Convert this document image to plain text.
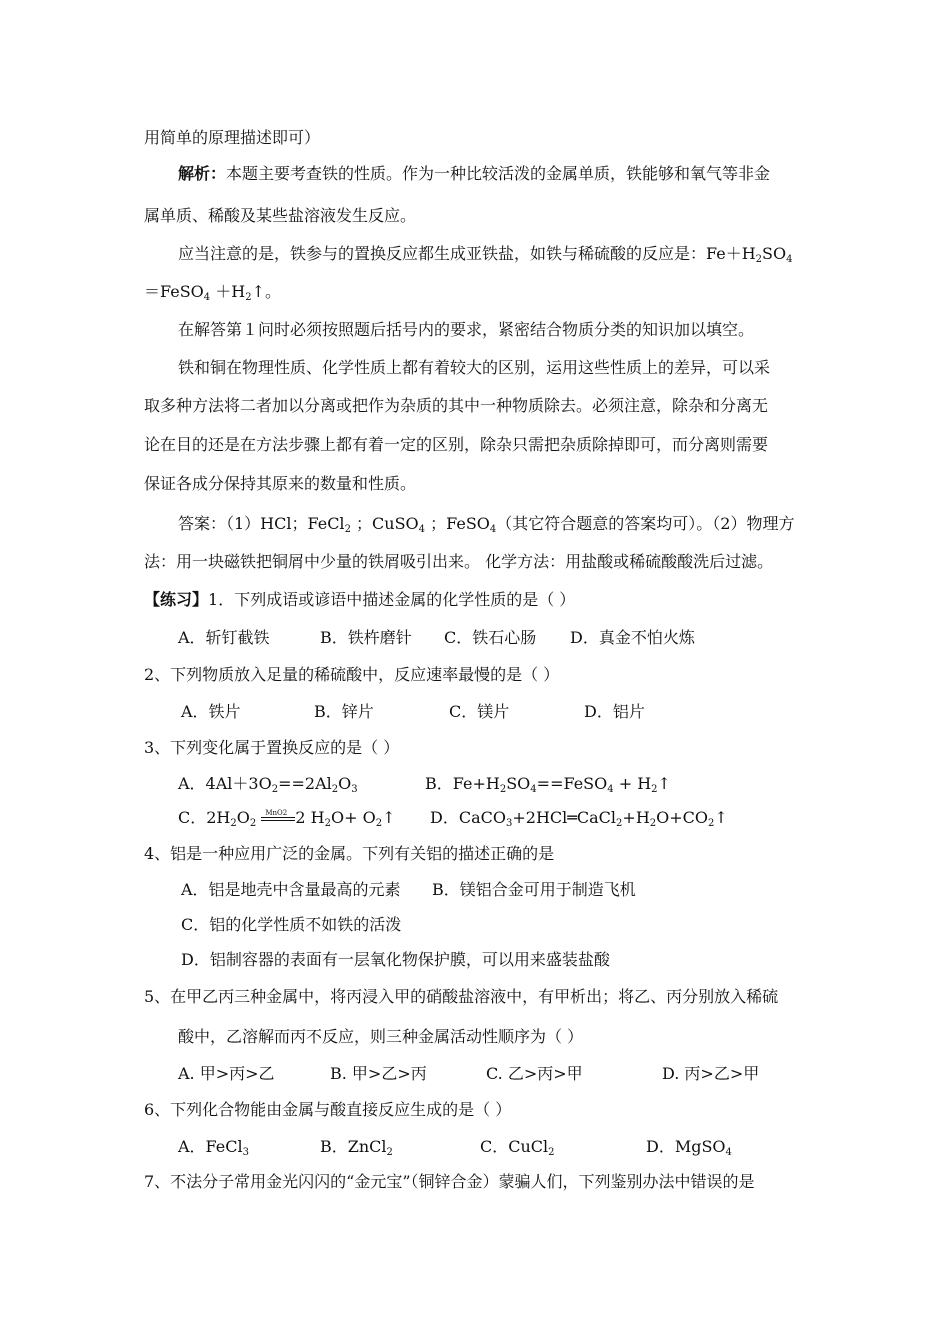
用简单的原理描述即可）
解析：本题主要考查铁的性质。作为一种比较活泼的金属单质，铁能够和氧气等非金
属单质、稀酸及某些盐溶液发生反应。
应当注意的是，铁参与的置换反应都生成亚铁盐，如铁与稀硫酸的反应是：$Fe+H_2SO_4$
＝FeSO$_4$ $+H_2↑$。
在解答第１问时必须按照题后括号内的要求，紧密结合物质分类的知识加以填空。
铁和铜在物理性质、化学性质上都有着较大的区别，运用这些性质上的差异，可以采
取多种方法将二者加以分离或把作为杂质的其中一种物质除去。必须注意，除杂和分离无
论在目的还是在方法步骤上都有着一定的区别，除杂只需把杂质除掉即可，而分离则需要
保证各成分保持其原来的数量和性质。
答案：（1）HCl；FeCl$_2$ ；CuSO$_4$ ；FeSO$_4$（其它符合题意的答案均可）。（2）物理方
法：用一块磁铁把铜屑中少量的铁屑吸引出来。 化学方法：用盐酸或稀硫酸酸洗后过滤。
【练习】1．下列成语或谚语中描述金属的化学性质的是（ ）
A．斩钉截铁	B．铁杵磨针 C．铁石心肠 D．真金不怕火炼
2、下列物质放入足量的稀硫酸中，反应速率最慢的是（ ）
A．铁片	B．锌片	C．镁片	D．铝片
3、下列变化属于置换反应的是（ ）
A．$4Al+3O_2==2Al_2O3$	B．$Fe+H_2SO_4==FeSO_4$ + $H_2↑$
C．$2H_2O_2$
MnO2 2 $H_2O+$ $O_2↑$ D．$CaCO_3+2HCl═CaCl_2+H_2O+CO_2↑$
4、铝是一种应用广泛的金属。下列有关铝的描述正确的是
A．铝是地壳中含量最高的元素 B．镁铝合金可用于制造飞机
C．铝的化学性质不如铁的活泼
D．铝制容器的表面有一层氧化物保护膜，可以用来盛装盐酸
5、在甲乙丙三种金属中，将丙浸入甲的硝酸盐溶液中，有甲析出；将乙、丙分别放入稀硫
酸中，乙溶解而丙不反应，则三种金属活动性顺序为（ ）
A. 甲>丙>乙	B. 甲>乙>丙	C. 乙>丙>甲	D. 丙>乙>甲
6、下列化合物能由金属与酸直接反应生成的是（ ）
A．FeCl$_3$	B．ZnCl$_2$	C．CuCl$_2$	D．MgSO$_4$
7、不法分子常用金光闪闪的“金元宝”（铜锌合金）蒙骗人们，下列鉴别办法中错误的是
